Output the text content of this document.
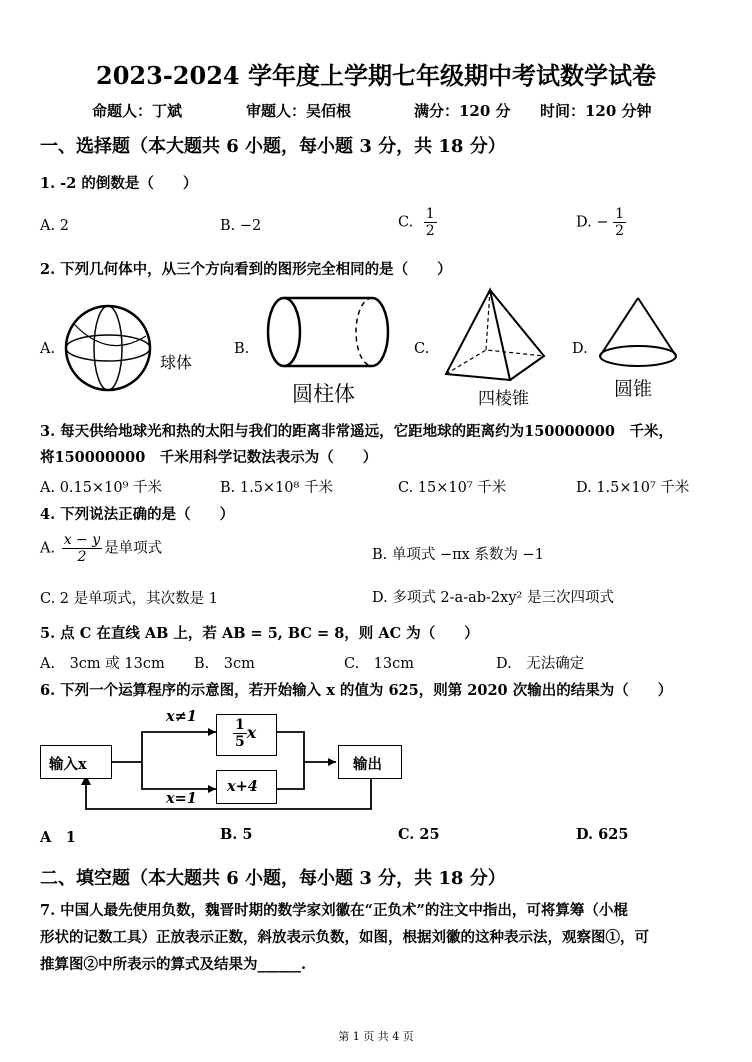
2023-2024 学年度上学期七年级期中考试数学试卷
命题人：丁斌	审题人：吴佰根	满分：120 分 时间：120 分钟
一、选择题（本大题共 6 小题，每小题 3 分，共 18 分）
1. -2 的倒数是（　　）
A. 2	B. −2	C. $\frac{1}{2}$	D. − $\frac{1}{2}$
2. 下列几何体中，从三个方向看到的图形完全相同的是（　　）
A.	B.	C.	D.
球体
圆柱体	四棱锥	圆锥
3. 每天供给地球光和热的太阳与我们的距离非常遥远，它距地球的距离约为150000000　千米，
将150000000　千米用科学记数法表示为（　　）
A. 0.15×10⁹ 千米	B. 1.5×10⁸ 千米	C. 15×10⁷ 千米	D. 1.5×10⁷ 千米
4. 下列说法正确的是（　　）
A. $\frac{x - y}{2}$ 是单项式	B. 单项式 −πx 系数为 −1
C. 2 是单项式，其次数是 1	D. 多项式 2-a-ab-2xy² 是三次四项式
5. 点 C 在直线 AB 上，若 AB = 5, BC = 8，则 AC 为（　　）
A.　3cm 或 13cm B.　3cm	C.　13cm	D.　无法确定
6. 下列一个运算程序的示意图，若开始输入 x 的值为 625，则第 2020 次输出的结果为（　　）
输入x
$\frac{1}{5}$ x
x+4
输出
x≠1
x=1
A　1	B. 5	C. 25	D. 625
二、填空题（本大题共 6 小题，每小题 3 分，共 18 分）
7. 中国人最先使用负数，魏晋时期的数学家刘徽在“正负术”的注文中指出，可将算筹（小棍
形状的记数工具）正放表示正数，斜放表示负数，如图，根据刘徽的这种表示法，观察图①，可
推算图②中所表示的算式及结果为______.
第 1 页 共 4 页
